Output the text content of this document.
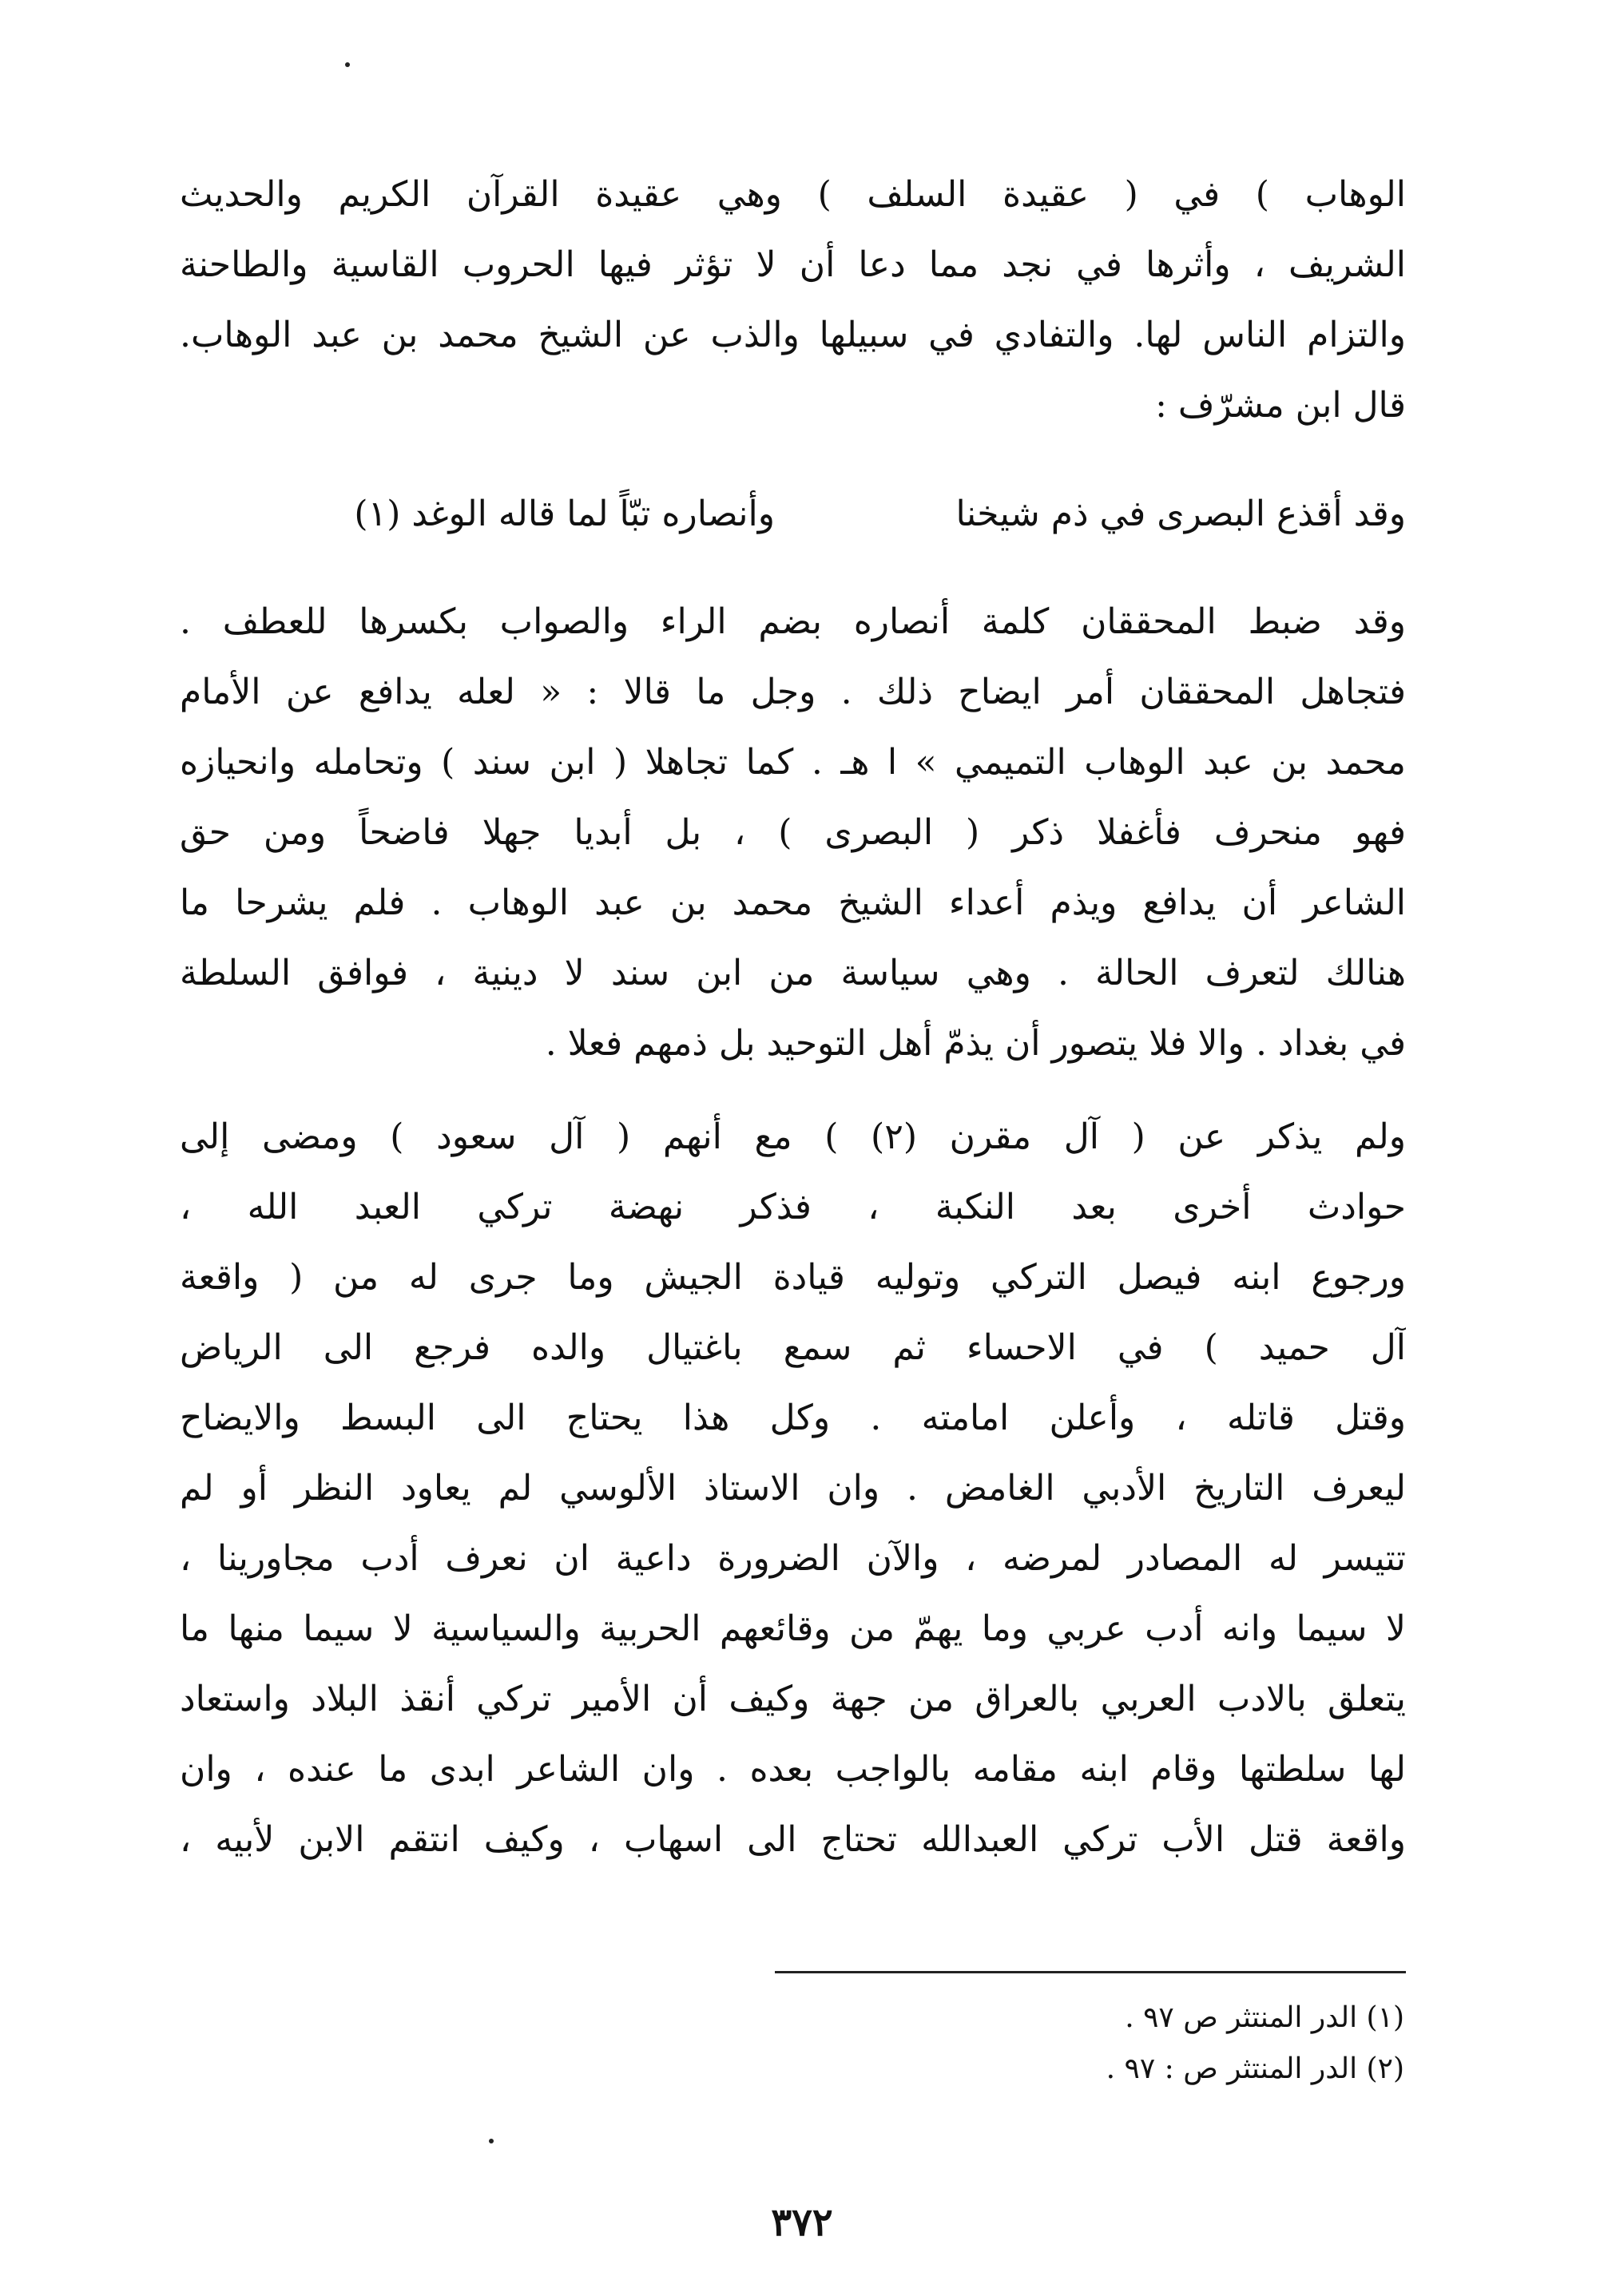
الوهاب ) في ( عقيدة السلف ) وهي عقيدة القرآن الكريم والحديث
الشريف ، وأثرها في نجد مما دعا أن لا تؤثر فيها الحروب القاسية والطاحنة
والتزام الناس لها. والتفادي في سبيلها والذب عن الشيخ محمد بن عبد الوهاب.
قال ابن مشرّف :
وقد أقذع البصرى في ذم شيخنا
وأنصاره تبّاً لما قاله الوغد (١)
وقد ضبط المحققان كلمة أنصاره بضم الراء والصواب بكسرها للعطف .
فتجاهل المحققان أمر ايضاح ذلك . وجل ما قالا : « لعله يدافع عن الأمام
محمد بن عبد الوهاب التميمي » ا هـ . كما تجاهلا ( ابن سند ) وتحامله وانحيازه
فهو منحرف فأغفلا ذكر ( البصرى ) ، بل أبديا جهلا فاضحاً ومن حق
الشاعر أن يدافع ويذم أعداء الشيخ محمد بن عبد الوهاب . فلم يشرحا ما
هنالك لتعرف الحالة . وهي سياسة من ابن سند لا دينية ، فوافق السلطة
في بغداد . والا فلا يتصور أن يذمّ أهل التوحيد بل ذمهم فعلا .
ولم يذكر عن ( آل مقرن (٢) ) مع أنهم ( آل سعود ) ومضى إلى
حوادث أخرى بعد النكبة ، فذكر نهضة تركي العبد الله ،
ورجوع ابنه فيصل التركي وتوليه قيادة الجيش وما جرى له من ( واقعة
آل حميد ) في الاحساء ثم سمع باغتيال والده فرجع الى الرياض
وقتل قاتله ، وأعلن امامته . وكل هذا يحتاج الى البسط والايضاح
ليعرف التاريخ الأدبي الغامض . وان الاستاذ الألوسي لم يعاود النظر أو لم
تتيسر له المصادر لمرضه ، والآن الضرورة داعية ان نعرف أدب مجاورينا ،
لا سيما وانه أدب عربي وما يهمّ من وقائعهم الحربية والسياسية لا سيما منها ما
يتعلق بالادب العربي بالعراق من جهة وكيف أن الأمير تركي أنقذ البلاد واستعاد
لها سلطتها وقام ابنه مقامه بالواجب بعده . وان الشاعر ابدى ما عنده ، وان
واقعة قتل الأب تركي العبدالله تحتاج الى اسهاب ، وكيف انتقم الابن لأبيه ،
(١) الدر المنتثر ص ٩٧ .
(٢) الدر المنتثر ص : ٩٧ .
٣٧٢
